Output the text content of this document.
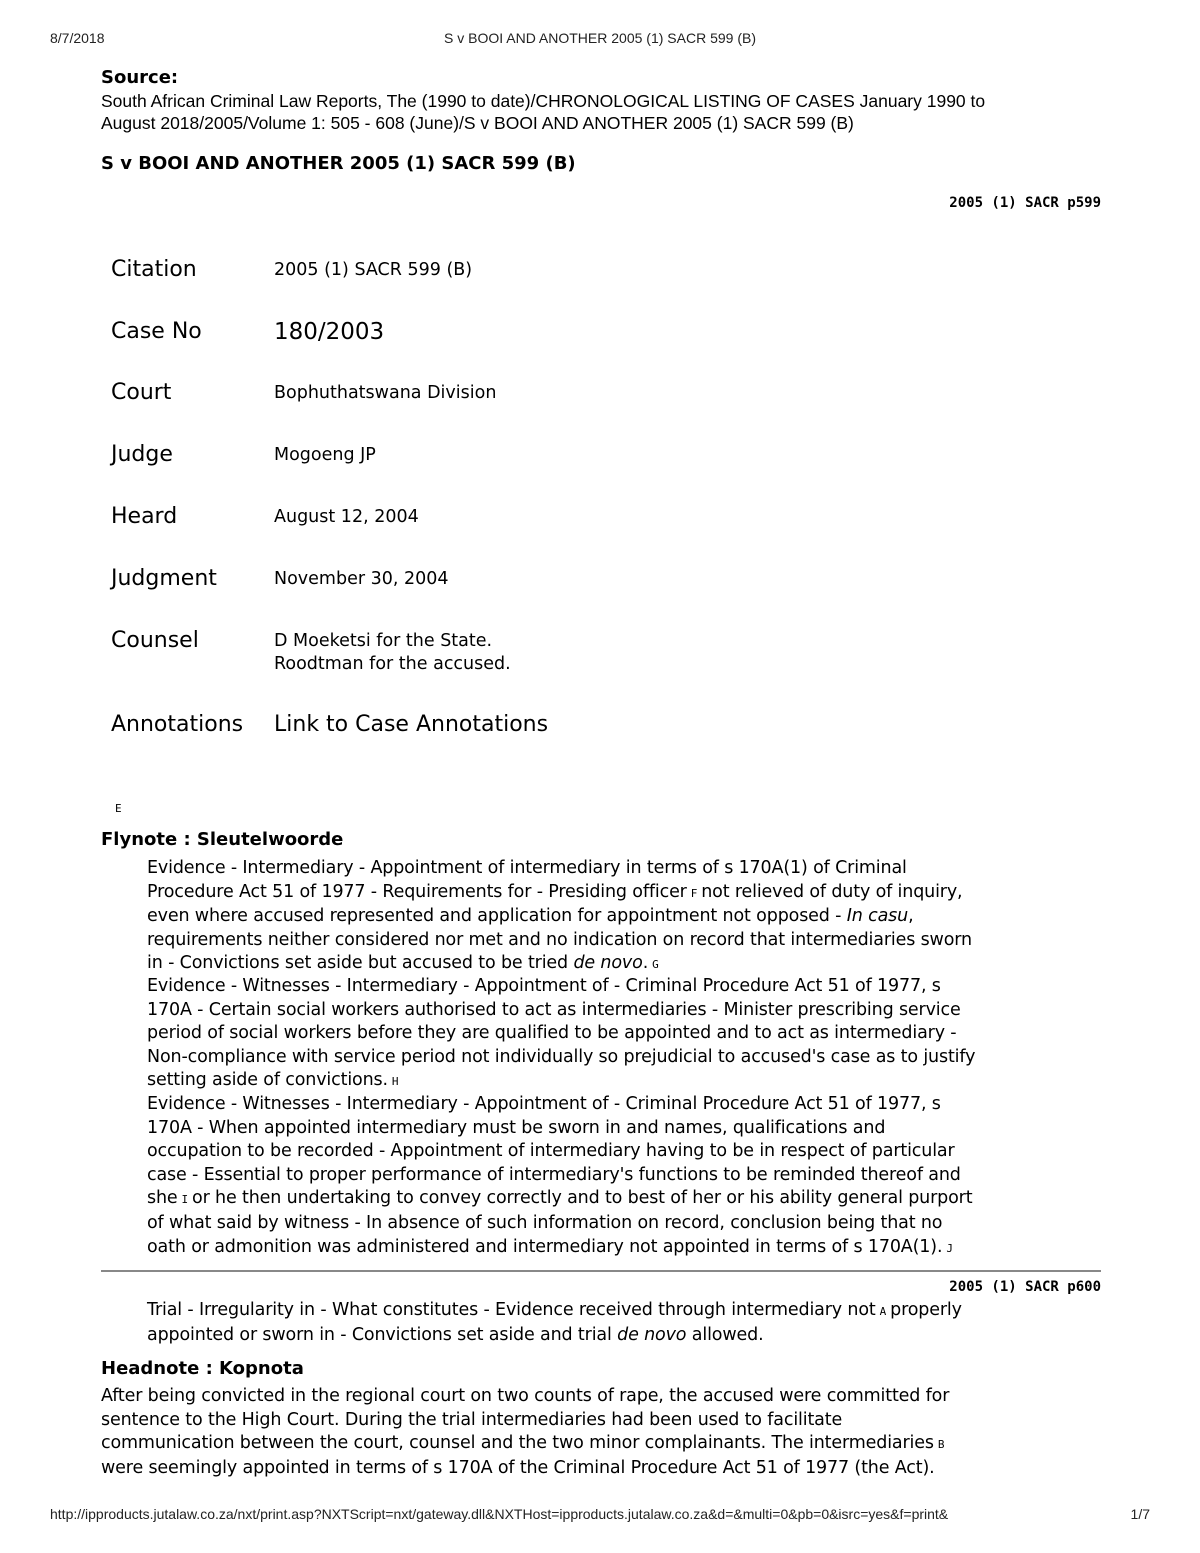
8/7/2018	S v BOOI AND ANOTHER 2005 (1) SACR 599 (B)
Source:
South African Criminal Law Reports, The (1990 to date)/CHRONOLOGICAL LISTING OF CASES January 1990 to
August 2018/2005/Volume 1: 505 - 608 (June)/S v BOOI AND ANOTHER 2005 (1) SACR 599 (B)
S v BOOI AND ANOTHER 2005 (1) SACR 599 (B)
2005 (1) SACR p599
Citation	2005 (1) SACR 599 (B)
Case No	180/2003
Court	Bophuthatswana Division
Judge	Mogoeng JP
Heard	August 12, 2004
Judgment	November 30, 2004
Counsel	D Moeketsi for the State.
Roodtman for the accused.
Annotations Link to Case Annotations
E
Flynote : Sleutelwoorde
Evidence - Intermediary - Appointment of intermediary in terms of s 170A(1) of Criminal
Procedure Act 51 of 1977 - Requirements for - Presiding officer F not relieved of duty of inquiry,
even where accused represented and application for appointment not opposed - In casu,
requirements neither considered nor met and no indication on record that intermediaries sworn
in - Convictions set aside but accused to be tried de novo. G
Evidence - Witnesses - Intermediary - Appointment of - Criminal Procedure Act 51 of 1977, s
170A - Certain social workers authorised to act as intermediaries - Minister prescribing service
period of social workers before they are qualified to be appointed and to act as intermediary -
Non-compliance with service period not individually so prejudicial to accused's case as to justify
setting aside of convictions. H
Evidence - Witnesses - Intermediary - Appointment of - Criminal Procedure Act 51 of 1977, s
170A - When appointed intermediary must be sworn in and names, qualifications and
occupation to be recorded - Appointment of intermediary having to be in respect of particular
case - Essential to proper performance of intermediary's functions to be reminded thereof and
she I or he then undertaking to convey correctly and to best of her or his ability general purport
of what said by witness - In absence of such information on record, conclusion being that no
oath or admonition was administered and intermediary not appointed in terms of s 170A(1). J
2005 (1) SACR p600
Trial - Irregularity in - What constitutes - Evidence received through intermediary not A properly
appointed or sworn in - Convictions set aside and trial de novo allowed.
Headnote : Kopnota
After being convicted in the regional court on two counts of rape, the accused were committed for
sentence to the High Court. During the trial intermediaries had been used to facilitate
communication between the court, counsel and the two minor complainants. The intermediaries B
were seemingly appointed in terms of s 170A of the Criminal Procedure Act 51 of 1977 (the Act).
http://ipproducts.jutalaw.co.za/nxt/print.asp?NXTScript=nxt/gateway.dll&NXTHost=ipproducts.jutalaw.co.za&d=&multi=0&pb=0&isrc=yes&f=print&	1/7
